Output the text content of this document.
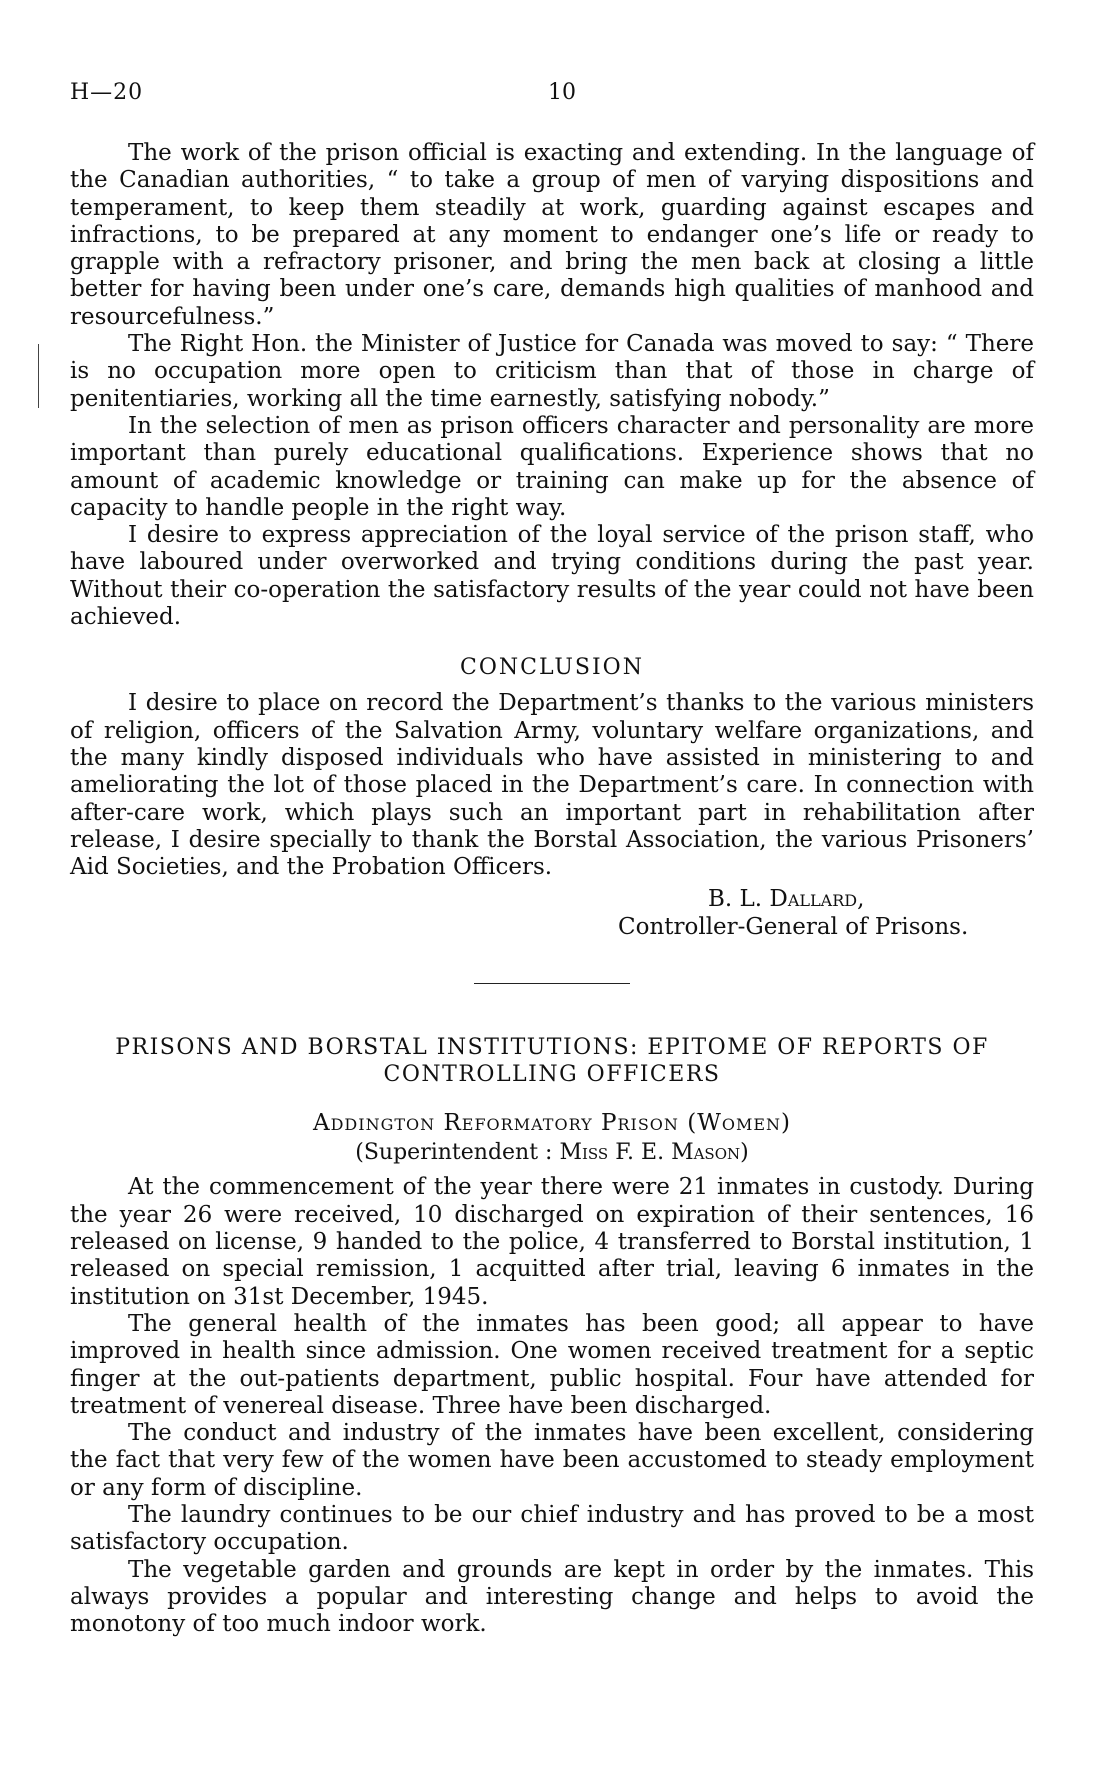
H—20	10

The work of the prison official is exacting and extending. In the language of the Canadian authorities, “ to take a group of men of varying dispositions and temperament, to keep them steadily at work, guarding against escapes and infractions, to be prepared at any moment to endanger one’s life or ready to grapple with a refractory prisoner, and bring the men back at closing a little better for having been under one’s care, demands high qualities of manhood and resourcefulness.”

The Right Hon. the Minister of Justice for Canada was moved to say: “ There is no occupation more open to criticism than that of those in charge of penitentiaries, working all the time earnestly, satisfying nobody.”

In the selection of men as prison officers character and personality are more important than purely educational qualifications. Experience shows that no amount of academic knowledge or training can make up for the absence of capacity to handle people in the right way.

I desire to express appreciation of the loyal service of the prison staff, who have laboured under overworked and trying conditions during the past year. Without their co-operation the satisfactory results of the year could not have been achieved.

CONCLUSION

I desire to place on record the Department’s thanks to the various ministers of religion, officers of the Salvation Army, voluntary welfare organizations, and the many kindly disposed individuals who have assisted in ministering to and ameliorating the lot of those placed in the Department’s care. In connection with after-care work, which plays such an important part in rehabilitation after release, I desire specially to thank the Borstal Association, the various Prisoners’ Aid Societies, and the Probation Officers.

B. L. Dallard,
Controller-General of Prisons.
PRISONS AND BORSTAL INSTITUTIONS: EPITOME OF REPORTS OF
CONTROLLING OFFICERS
Addington Reformatory Prison (Women)
(Superintendent : Miss F. E. Mason)

At the commencement of the year there were 21 inmates in custody. During the year 26 were received, 10 discharged on expiration of their sentences, 16 released on license, 9 handed to the police, 4 transferred to Borstal institution, 1 released on special remission, 1 acquitted after trial, leaving 6 inmates in the institution on 31st December, 1945.

The general health of the inmates has been good; all appear to have improved in health since admission. One women received treatment for a septic finger at the out-patients department, public hospital. Four have attended for treatment of venereal disease. Three have been discharged.

The conduct and industry of the inmates have been excellent, considering the fact that very few of the women have been accustomed to steady employment or any form of discipline.

The laundry continues to be our chief industry and has proved to be a most satisfactory occupation.

The vegetable garden and grounds are kept in order by the inmates. This always provides a popular and interesting change and helps to avoid the monotony of too much indoor work.
